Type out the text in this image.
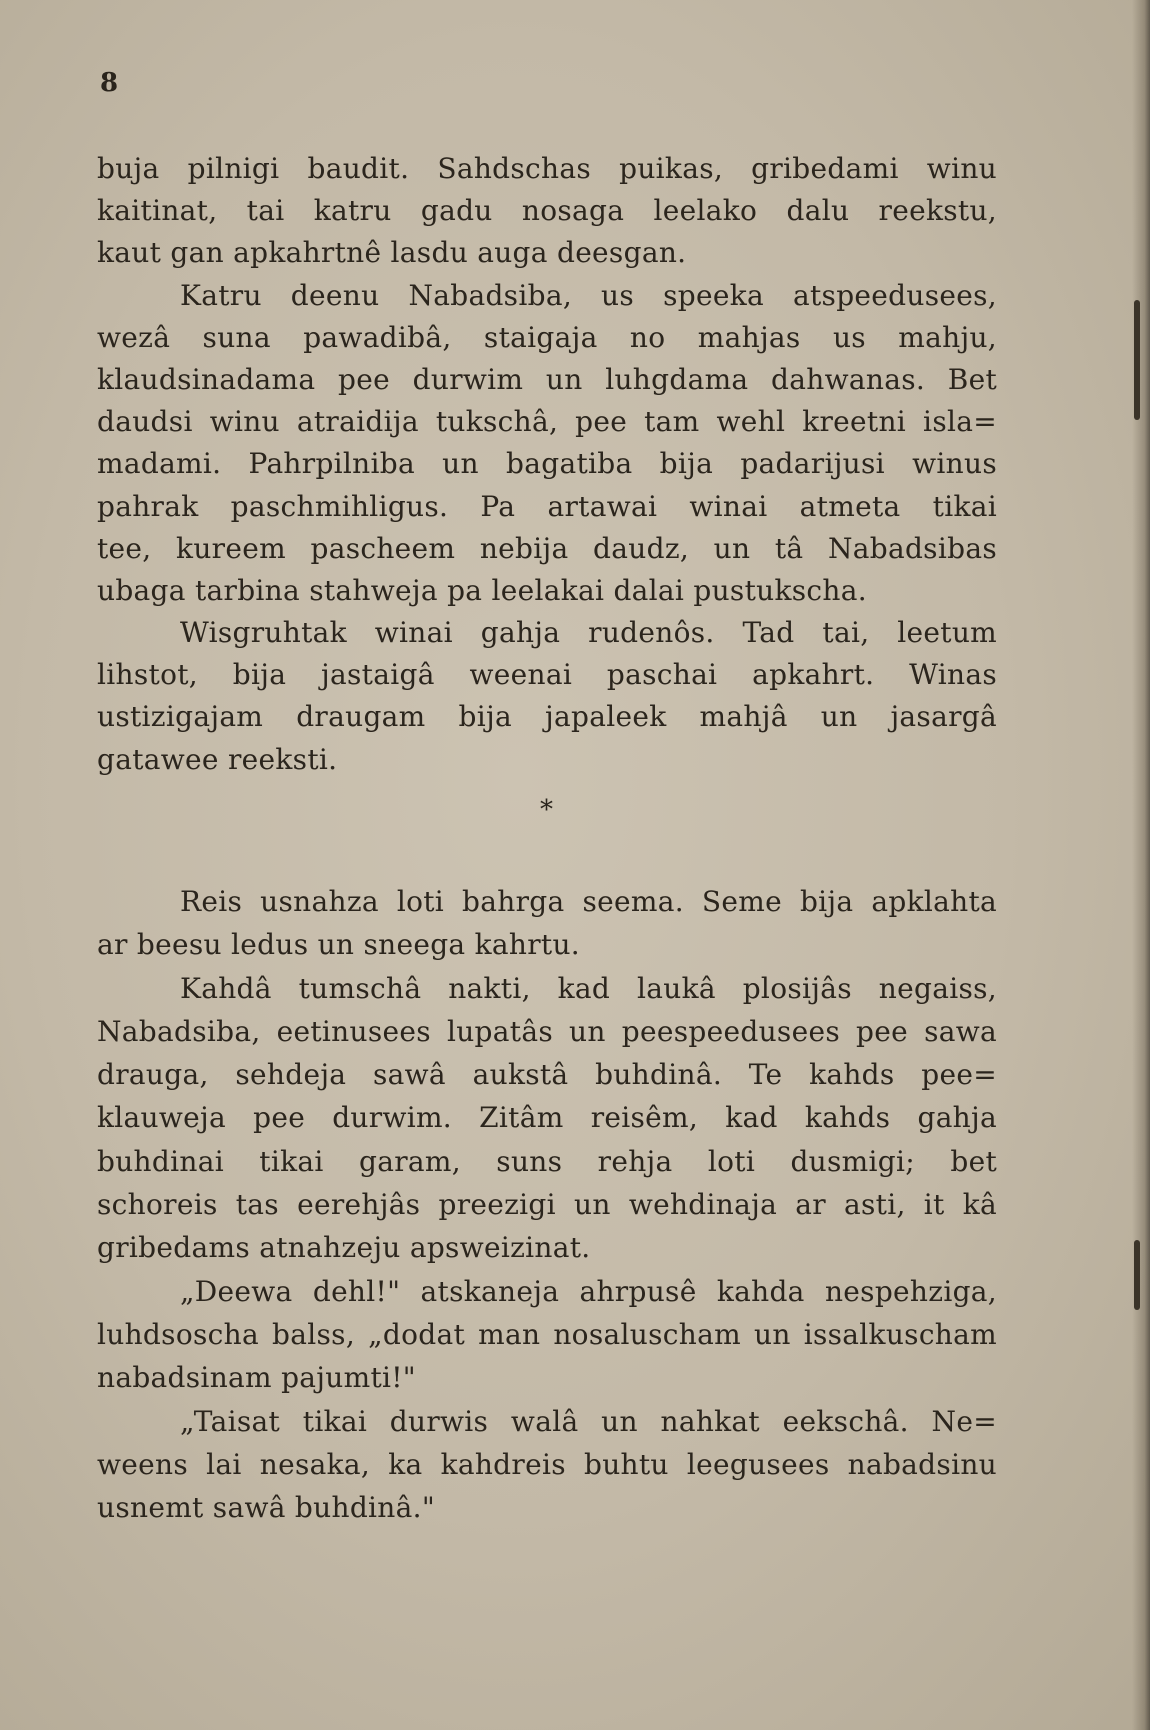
8
buja pilnigi baudit. Sahdschas puikas, gribedami winu
kaitinat, tai katru gadu nosaga leelako dalu reekstu,
kaut gan apkahrtnê lasdu auga deesgan.
Katru deenu Nabadsiba, us speeka atspeedusees,
wezâ suna pawadibâ, staigaja no mahjas us mahju,
klaudsinadama pee durwim un luhgdama dahwanas. Bet
daudsi winu atraidija tukschâ, pee tam wehl kreetni isla=
madami. Pahrpilniba un bagatiba bija padarijusi winus
pahrak paschmihligus. Pa artawai winai atmeta tikai
tee, kureem pascheem nebija daudz, un tâ Nabadsibas
ubaga tarbina stahweja pa leelakai dalai pustukscha.
Wisgruhtak winai gahja rudenôs. Tad tai, leetum
lihstot, bija jastaigâ weenai paschai apkahrt. Winas
ustizigajam draugam bija japaleek mahjâ un jasargâ
gatawee reeksti.
*
Reis usnahza loti bahrga seema. Seme bija apklahta
ar beesu ledus un sneega kahrtu.
Kahdâ tumschâ nakti, kad laukâ plosijâs negaiss,
Nabadsiba, eetinusees lupatâs un peespeedusees pee sawa
drauga, sehdeja sawâ aukstâ buhdinâ. Te kahds pee=
klauweja pee durwim. Zitâm reisêm, kad kahds gahja
buhdinai tikai garam, suns rehja loti dusmigi; bet
schoreis tas eerehjâs preezigi un wehdinaja ar asti, it kâ
gribedams atnahzeju apsweizinat.
„Deewa dehl!" atskaneja ahrpusê kahda nespehziga,
luhdsoscha balss, „dodat man nosaluscham un issalkuscham
nabadsinam pajumti!"
„Taisat tikai durwis walâ un nahkat eekschâ. Ne=
weens lai nesaka, ka kahdreis buhtu leegusees nabadsinu
usnemt sawâ buhdinâ."
